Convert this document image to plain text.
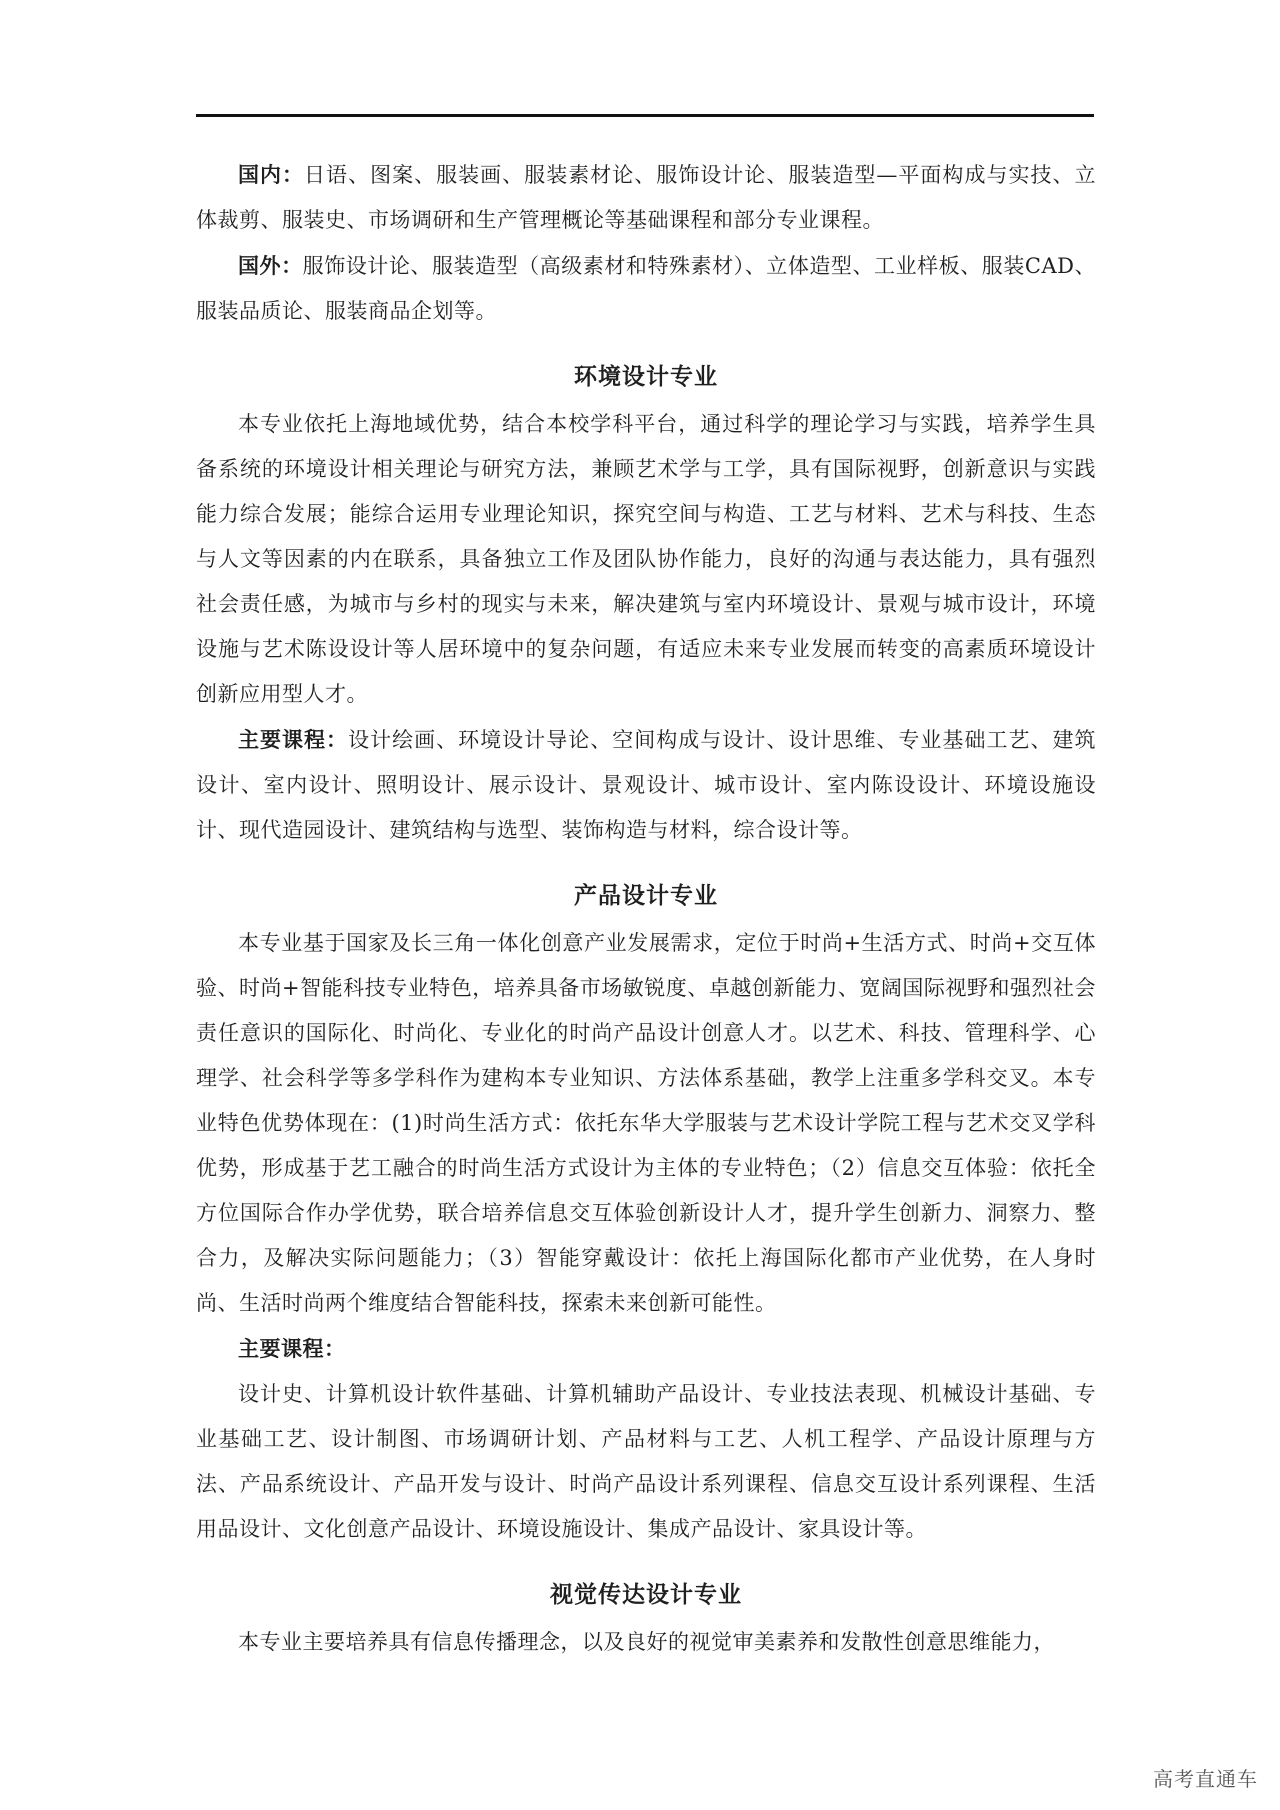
国内：日语、图案、服装画、服装素材论、服饰设计论、服装造型—平面构成与实技、立体裁剪、服装史、市场调研和生产管理概论等基础课程和部分专业课程。

国外：服饰设计论、服装造型（高级素材和特殊素材）、立体造型、工业样板、服装CAD、服装品质论、服装商品企划等。

环境设计专业

本专业依托上海地域优势，结合本校学科平台，通过科学的理论学习与实践，培养学生具备系统的环境设计相关理论与研究方法，兼顾艺术学与工学，具有国际视野，创新意识与实践能力综合发展；能综合运用专业理论知识，探究空间与构造、工艺与材料、艺术与科技、生态与人文等因素的内在联系，具备独立工作及团队协作能力，良好的沟通与表达能力，具有强烈社会责任感，为城市与乡村的现实与未来，解决建筑与室内环境设计、景观与城市设计，环境设施与艺术陈设设计等人居环境中的复杂问题，有适应未来专业发展而转变的高素质环境设计创新应用型人才。

主要课程：设计绘画、环境设计导论、空间构成与设计、设计思维、专业基础工艺、建筑设计、室内设计、照明设计、展示设计、景观设计、城市设计、室内陈设设计、环境设施设计、现代造园设计、建筑结构与选型、装饰构造与材料，综合设计等。

产品设计专业

本专业基于国家及长三角一体化创意产业发展需求，定位于时尚+生活方式、时尚+交互体验、时尚+智能科技专业特色，培养具备市场敏锐度、卓越创新能力、宽阔国际视野和强烈社会责任意识的国际化、时尚化、专业化的时尚产品设计创意人才。以艺术、科技、管理科学、心理学、社会科学等多学科作为建构本专业知识、方法体系基础，教学上注重多学科交叉。本专业特色优势体现在：(1)时尚生活方式：依托东华大学服装与艺术设计学院工程与艺术交叉学科优势，形成基于艺工融合的时尚生活方式设计为主体的专业特色；（2）信息交互体验：依托全方位国际合作办学优势，联合培养信息交互体验创新设计人才，提升学生创新力、洞察力、整合力，及解决实际问题能力；（3）智能穿戴设计：依托上海国际化都市产业优势，在人身时尚、生活时尚两个维度结合智能科技，探索未来创新可能性。

主要课程：

设计史、计算机设计软件基础、计算机辅助产品设计、专业技法表现、机械设计基础、专业基础工艺、设计制图、市场调研计划、产品材料与工艺、人机工程学、产品设计原理与方法、产品系统设计、产品开发与设计、时尚产品设计系列课程、信息交互设计系列课程、生活用品设计、文化创意产品设计、环境设施设计、集成产品设计、家具设计等。

视觉传达设计专业

本专业主要培养具有信息传播理念，以及良好的视觉审美素养和发散性创意思维能力，

高考直通车
